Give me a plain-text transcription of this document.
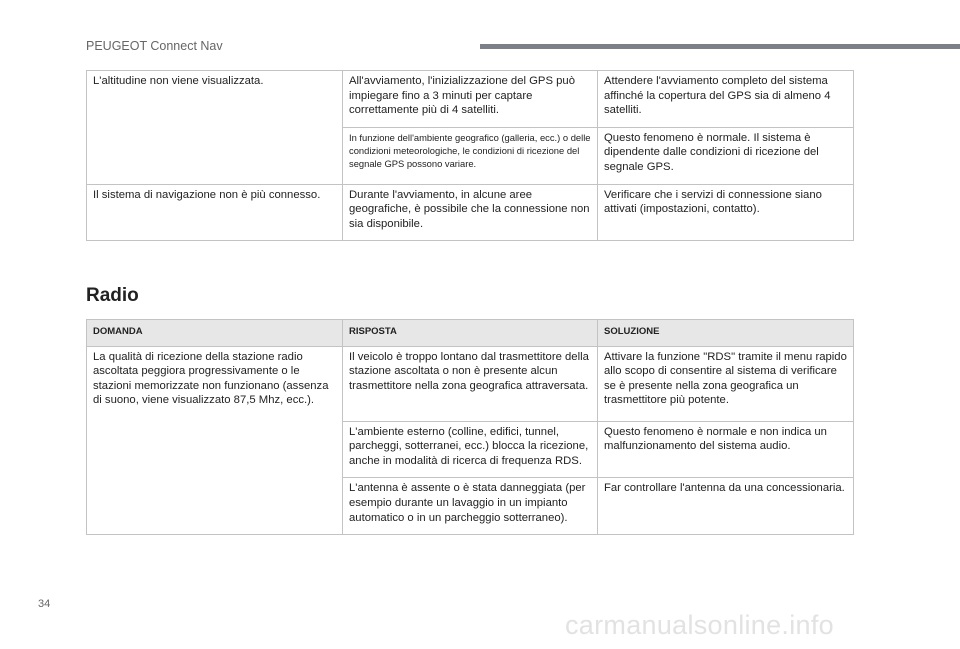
PEUGEOT Connect Nav
L'altitudine non viene visualizzata.	All'avviamento, l'inizializzazione del GPS può impiegare fino a 3 minuti per captare correttamente più di 4 satelliti.	Attendere l'avviamento completo del sistema affinché la copertura del GPS sia di almeno 4 satelliti.
	In funzione dell'ambiente geografico (galleria, ecc.) o delle condizioni meteorologiche, le condizioni di ricezione del segnale GPS possono variare.	Questo fenomeno è normale. Il sistema è dipendente dalle condizioni di ricezione del segnale GPS.
Il sistema di navigazione non è più connesso.	Durante l'avviamento, in alcune aree geografiche, è possibile che la connessione non sia disponibile.	Verificare che i servizi di connessione siano attivati (impostazioni, contatto).
Radio
DOMANDA	RISPOSTA	SOLUZIONE
La qualità di ricezione della stazione radio ascoltata peggiora progressivamente o le stazioni memorizzate non funzionano (assenza di suono, viene visualizzato 87,5 Mhz, ecc.).	Il veicolo è troppo lontano dal trasmettitore della stazione ascoltata o non è presente alcun trasmettitore nella zona geografica attraversata.	Attivare la funzione "RDS" tramite il menu rapido allo scopo di consentire al sistema di verificare se è presente nella zona geografica un trasmettitore più potente.
	L'ambiente esterno (colline, edifici, tunnel, parcheggi, sotterranei, ecc.) blocca la ricezione, anche in modalità di ricerca di frequenza RDS.	Questo fenomeno è normale e non indica un malfunzionamento del sistema audio.
	L'antenna è assente o è stata danneggiata (per esempio durante un lavaggio in un impianto automatico o in un parcheggio sotterraneo).	Far controllare l'antenna da una concessionaria.
34
carmanualsonline.info
